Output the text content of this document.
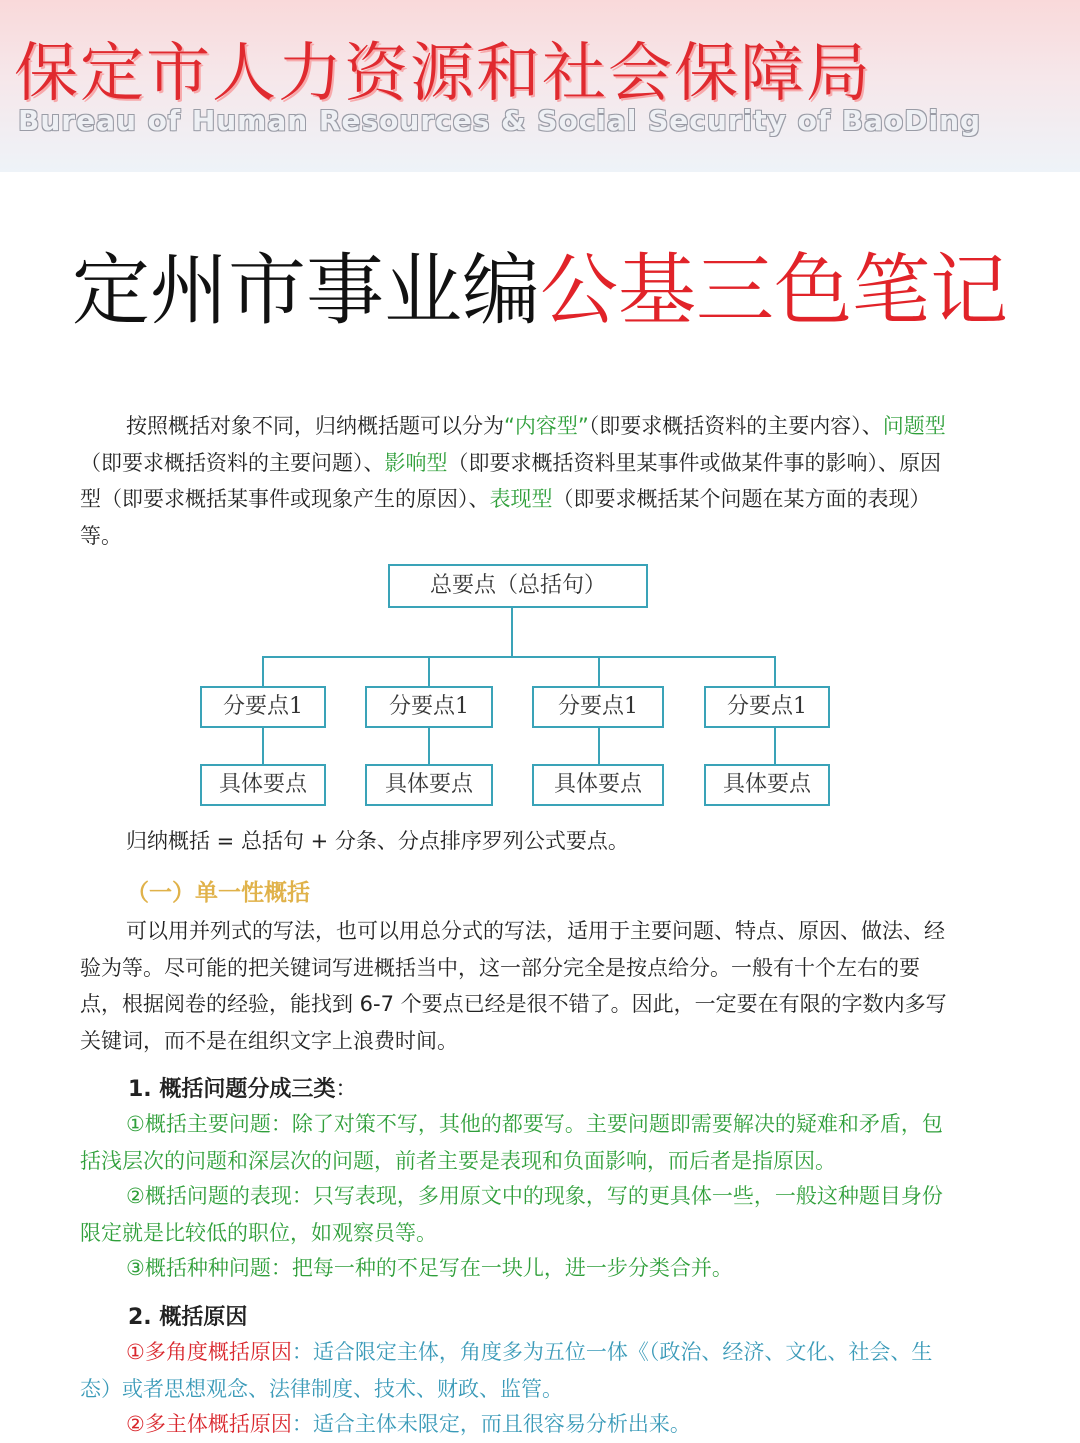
保定市人力资源和社会保障局
Bureau of Human Resources & Social Security of BaoDing
定州市事业编公基三色笔记
按照概括对象不同，归纳概括题可以分为“内容型”（即要求概括资料的主要内容）、问题型（即要求概括资料的主要问题）、影响型（即要求概括资料里某事件或做某件事的影响）、原因型（即要求概括某事件或现象产生的原因）、表现型（即要求概括某个问题在某方面的表现）等。
总要点（总括句）
分要点1	分要点1	分要点1	分要点1
具体要点	具体要点	具体要点	具体要点
归纳概括 = 总括句 + 分条、分点排序罗列公式要点。
（一）单一性概括
可以用并列式的写法，也可以用总分式的写法，适用于主要问题、特点、原因、做法、经验为等。尽可能的把关键词写进概括当中，这一部分完全是按点给分。一般有十个左右的要点，根据阅卷的经验，能找到 6-7 个要点已经是很不错了。因此，一定要在有限的字数内多写关键词，而不是在组织文字上浪费时间。
1. 概括问题分成三类：
①概括主要问题：除了对策不写，其他的都要写。主要问题即需要解决的疑难和矛盾，包括浅层次的问题和深层次的问题，前者主要是表现和负面影响，而后者是指原因。
②概括问题的表现：只写表现，多用原文中的现象，写的更具体一些，一般这种题目身份限定就是比较低的职位，如观察员等。
③概括种种问题：把每一种的不足写在一块儿，进一步分类合并。
2. 概括原因
①多角度概括原因：适合限定主体，角度多为五位一体《（政治、经济、文化、社会、生态）或者思想观念、法律制度、技术、财政、监管。
②多主体概括原因：适合主体未限定，而且很容易分析出来。
